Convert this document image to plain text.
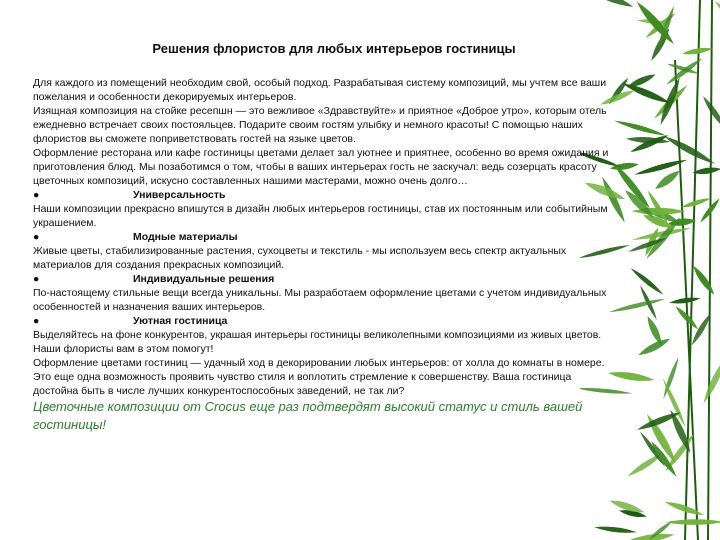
Решения флористов для любых интерьеров гостиницы

Для каждого из помещений необходим свой, особый подход. Разрабатывая систему композиций, мы учтем все ваши пожелания и особенности декорируемых интерьеров.

Изящная композиция на стойке ресепшн — это вежливое «Здравствуйте» и приятное «Доброе утро», которым отель ежедневно встречает своих постояльцев. Подарите своим гостям улыбку и немного красоты! С помощью наших флористов вы сможете поприветствовать гостей на языке цветов.

Оформление ресторана или кафе гостиницы цветами делает зал уютнее и приятнее, особенно во время ожидания и приготовления блюд. Мы позаботимся о том, чтобы в ваших интерьерах гость не заскучал: ведь созерцать красоту цветочных композиций, искусно составленных нашими мастерами, можно очень долго…

●	Универсальность

Наши композиции прекрасно впишутся в дизайн любых интерьеров гостиницы, став их постоянным или событийным украшением.

●	Модные материалы

Живые цветы, стабилизированные растения, сухоцветы и текстиль - мы используем весь спектр актуальных материалов для создания прекрасных композиций.

●	Индивидуальные решения

По-настоящему стильные вещи всегда уникальны. Мы разработаем оформление цветами с учетом индивидуальных особенностей и назначения ваших интерьеров.

●	Уютная гостиница

Выделяйтесь на фоне конкурентов, украшая интерьеры гостиницы великолепными композициями из живых цветов. Наши флористы вам в этом помогут!

Оформление цветами гостиниц — удачный ход в декорировании любых интерьеров: от холла до комнаты в номере. Это еще одна возможность проявить чувство стиля и воплотить стремление к совершенству. Ваша гостиница достойна быть в числе лучших конкурентоспособных заведений, не так ли?

Цветочные композиции от Crocus еще раз подтвердят высокий статус и стиль вашей гостиницы!
